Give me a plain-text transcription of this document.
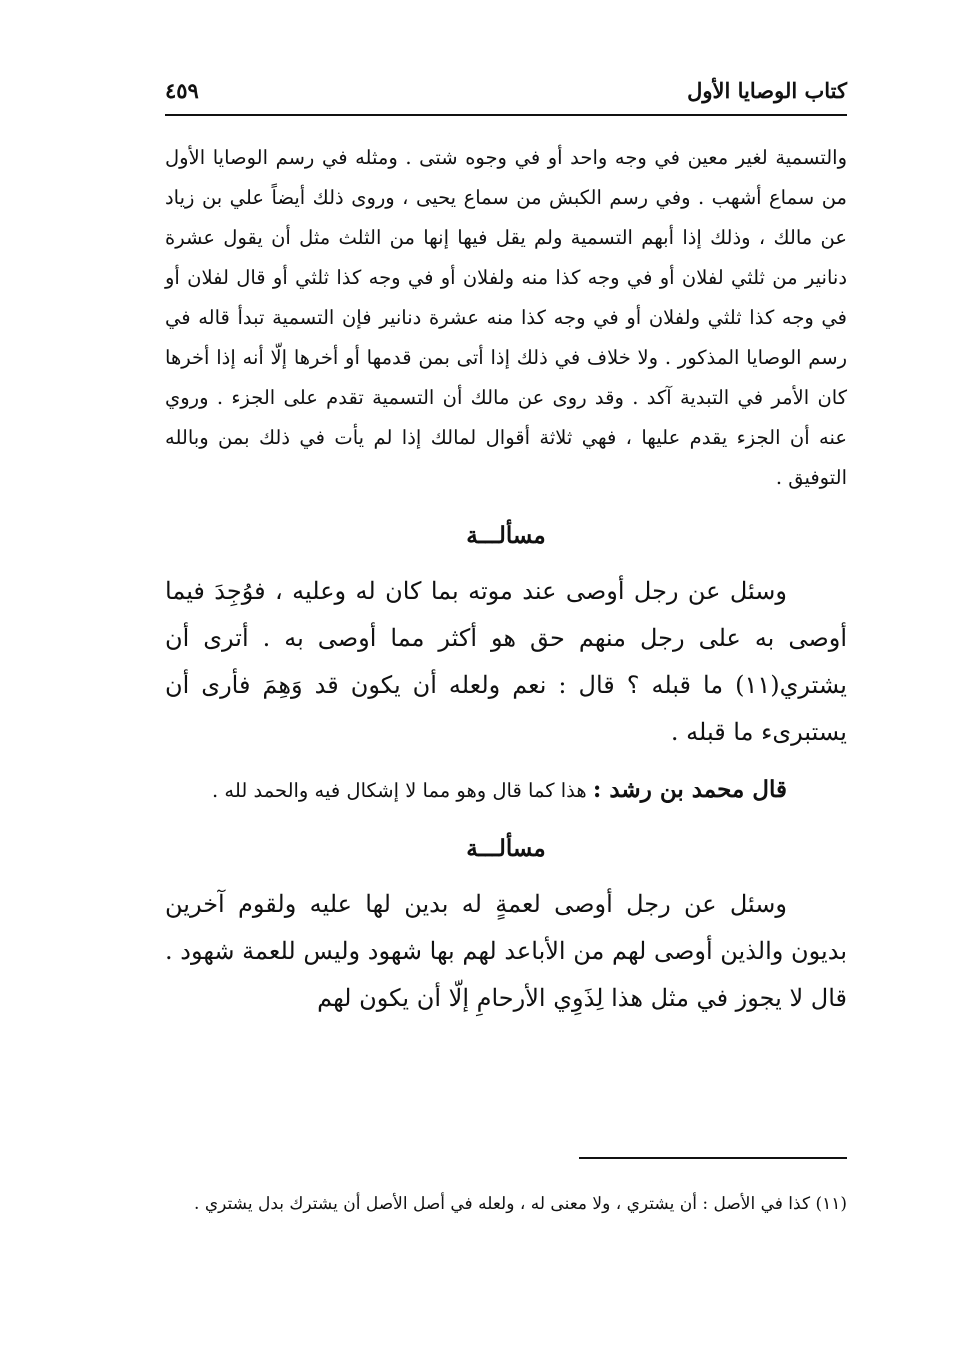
كتاب الوصايا الأول
٤٥٩

والتسمية لغير معين في وجه واحد أو في وجوه شتى . ومثله في رسم الوصايا الأول من سماع أشهب . وفي رسم الكبش من سماع يحيى ، وروى ذلك أيضاً علي بن زياد عن مالك ، وذلك إذا أبهم التسمية ولم يقل فيها إنها من الثلث مثل أن يقول عشرة دنانير من ثلثي لفلان أو في وجه كذا منه ولفلان أو في وجه كذا ثلثي أو قال لفلان أو في وجه كذا ثلثي ولفلان أو في وجه كذا منه عشرة دنانير فإن التسمية تبدأ قاله في رسم الوصايا المذكور . ولا خلاف في ذلك إذا أتى بمن قدمها أو أخرها إلّا أنه إذا أخرها كان الأمر في التبدية آكد . وقد روى عن مالك أن التسمية تقدم على الجزء . وروي عنه أن الجزء يقدم عليها ، فهي ثلاثة أقوال لمالك إذا لم يأت في ذلك بمن وبالله التوفيق .

مسألـــة

وسئل عن رجل أوصى عند موته بما كان له وعليه ، فوُجِدَ فيما أوصى به على رجل منهم حق هو أكثر مما أوصى به . أترى أن يشتري(١١) ما قبله ؟ قال : نعم ولعله أن يكون قد وَهِمَ فأرى أن يستبرىء ما قبله .

قال محمد بن رشد : هذا كما قال وهو مما لا إشكال فيه والحمد لله .

مسألـــة

وسئل عن رجل أوصى لعمةٍ له بدين لها عليه ولقوم آخرين بديون والذين أوصى لهم من الأباعد لهم بها شهود وليس للعمة شهود . قال لا يجوز في مثل هذا لِذَوِي الأرحامِ إلّا أن يكون لهم

(١١) كذا في الأصل : أن يشتري ، ولا معنى له ، ولعله في أصل الأصل أن يشترك بدل يشتري .
